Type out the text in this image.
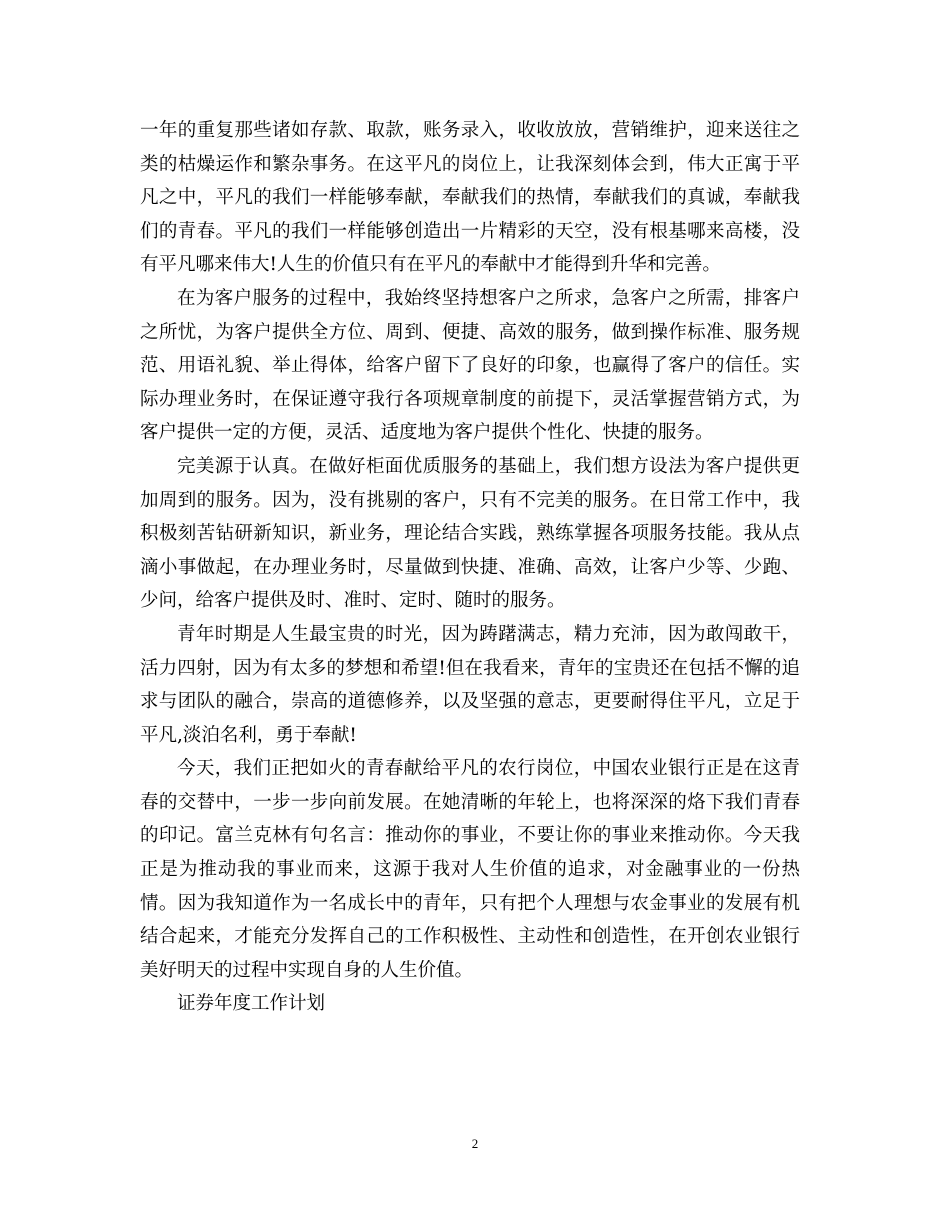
一年的重复那些诸如存款、取款，账务录入，收收放放，营销维护，迎来送往之类的枯燥运作和繁杂事务。在这平凡的岗位上，让我深刻体会到，伟大正寓于平凡之中，平凡的我们一样能够奉献，奉献我们的热情，奉献我们的真诚，奉献我们的青春。平凡的我们一样能够创造出一片精彩的天空，没有根基哪来高楼，没有平凡哪来伟大!人生的价值只有在平凡的奉献中才能得到升华和完善。

在为客户服务的过程中，我始终坚持想客户之所求，急客户之所需，排客户之所忧，为客户提供全方位、周到、便捷、高效的服务，做到操作标准、服务规范、用语礼貌、举止得体，给客户留下了良好的印象，也赢得了客户的信任。实际办理业务时，在保证遵守我行各项规章制度的前提下，灵活掌握营销方式，为客户提供一定的方便，灵活、适度地为客户提供个性化、快捷的服务。

完美源于认真。在做好柜面优质服务的基础上，我们想方设法为客户提供更加周到的服务。因为，没有挑剔的客户，只有不完美的服务。在日常工作中，我积极刻苦钻研新知识，新业务，理论结合实践，熟练掌握各项服务技能。我从点滴小事做起，在办理业务时，尽量做到快捷、准确、高效，让客户少等、少跑、少问，给客户提供及时、准时、定时、随时的服务。

青年时期是人生最宝贵的时光，因为踌躇满志，精力充沛，因为敢闯敢干，活力四射，因为有太多的梦想和希望!但在我看来，青年的宝贵还在包括不懈的追求与团队的融合，崇高的道德修养，以及坚强的意志，更要耐得住平凡，立足于平凡,淡泊名利，勇于奉献!

今天，我们正把如火的青春献给平凡的农行岗位，中国农业银行正是在这青春的交替中，一步一步向前发展。在她清晰的年轮上，也将深深的烙下我们青春的印记。富兰克林有句名言：推动你的事业，不要让你的事业来推动你。今天我正是为推动我的事业而来，这源于我对人生价值的追求，对金融事业的一份热情。因为我知道作为一名成长中的青年，只有把个人理想与农金事业的发展有机结合起来，才能充分发挥自己的工作积极性、主动性和创造性，在开创农业银行美好明天的过程中实现自身的人生价值。

证券年度工作计划

2
